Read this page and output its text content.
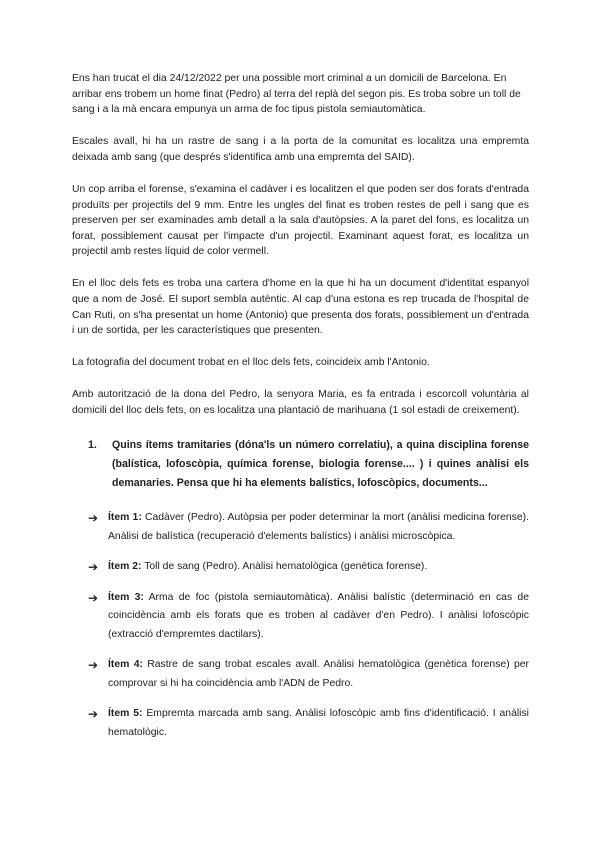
Ens han trucat el dia 24/12/2022 per una possible mort criminal a un domicili de Barcelona. En arribar ens trobem un home finat (Pedro) al terra del replà del segon pis. Es troba sobre un toll de sang i a la mà encara empunya un arma de foc tipus pistola semiautomàtica.

Escales avall, hi ha un rastre de sang i a la porta de la comunitat es localitza una empremta deixada amb sang (que després s'identifica amb una empremta del SAID).

Un cop arriba el forense, s'examina el cadàver i es localitzen el que poden ser dos forats d'entrada produïts per projectils del 9 mm. Entre les ungles del finat es troben restes de pell i sang que es preserven per ser examinades amb detall a la sala d'autòpsies. A la paret del fons, es localitza un forat, possiblement causat per l'impacte d'un projectil. Examinant aquest forat, es localitza un projectil amb restes líquid de color vermell.

En el lloc dels fets es troba una cartera d'home en la que hi ha un document d'identitat espanyol que a nom de José. El suport sembla autèntic. Al cap d'una estona es rep trucada de l'hospital de Can Ruti, on s'ha presentat un home (Antonio) que presenta dos forats, possiblement un d'entrada i un de sortida, per les característiques que presenten.

La fotografia del document trobat en el lloc dels fets, coincideix amb l'Antonio.

Amb autorització de la dona del Pedro, la senyora Maria, es fa entrada i escorcoll voluntària al domicili del lloc dels fets, on es localitza una plantació de marihuana (1 sol estadi de creixement).

1.	Quins ítems tramitaries (dóna'ls un número correlatiu), a quina disciplina forense (balística, lofoscòpia, química forense, biologia forense.... ) i quines anàlisi els demanaries. Pensa que hi ha elements balístics, lofoscòpics, documents...
➔ Ítem 1: Cadàver (Pedro). Autòpsia per poder determinar la mort (anàlisi medicina forense). Anàlisi de balística (recuperació d'elements balístics) i anàlisi microscòpica.
➔ Ítem 2: Toll de sang (Pedro). Anàlisi hematològica (genètica forense).
➔ Ítem 3: Arma de foc (pistola semiautomàtica). Anàlisi balístic (determinació en cas de coincidència amb els forats que es troben al cadàver d'en Pedro). I anàlisi lofoscòpic (extracció d'empremtes dactilars).
➔ Ítem 4: Rastre de sang trobat escales avall. Anàlisi hematològica (genètica forense) per comprovar si hi ha coincidència amb l'ADN de Pedro.
➔ Ítem 5: Empremta marcada amb sang. Anàlisi lofoscòpic amb fins d'identificació. I anàlisi hematològic.
